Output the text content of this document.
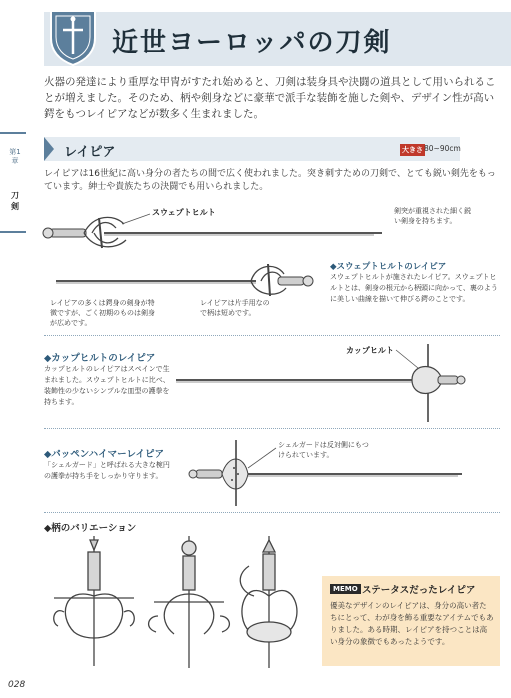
近世ヨーロッパの刀剣
火器の発達により重厚な甲冑がすたれ始めると、刀剣は装身具や決闘の道具として用いられることが増えました。そのため、柄や剣身などに豪華で派手な装飾を施した剣や、デザイン性が高い鍔をもつレイピアなどが数多く生まれました。
第1章
刀剣
レイピア	大きさ 80~90cm
レイピアは16世紀に高い身分の者たちの間で広く使われました。突き刺すための刀剣で、とても鋭い剣先をもっています。紳士や貴族たちの決闘でも用いられました。
スウェプトヒルト	剣突が重視された細く鋭い剣身を持ちます。
◆スウェプトヒルトのレイピア
スウェプトヒルトが施されたレイピア。スウェプトヒルトとは、剣身の根元から柄頭に向かって、裏のように美しい曲線を描いて伸びる鍔のことです。
レイピアの多くは鍔身の剣身が特徴ですが、ごく初期のものは剣身が広めです。
レイピアは片手用なので柄は短めです。
◆カップヒルトのレイピア
カップヒルトのレイピアはスペインで生まれました。スウェプトヒルトに比べ、装飾性の少ないシンプルな皿型の護拳を持ちます。
カップヒルト
◆パッペンハイマーレイピア
「シェルガード」と呼ばれる大きな椀円の護拳が持ち手をしっかり守ります。
シェルガードは反対側にもつけられています。
◆柄のバリエーション
MEMO ステータスだったレイピア
優美なデザインのレイピアは、身分の高い者たちにとって、わが身を飾る重要なアイテムでもありました。ある時期、レイピアを持つことは高い身分の象徴でもあったようです。
028
